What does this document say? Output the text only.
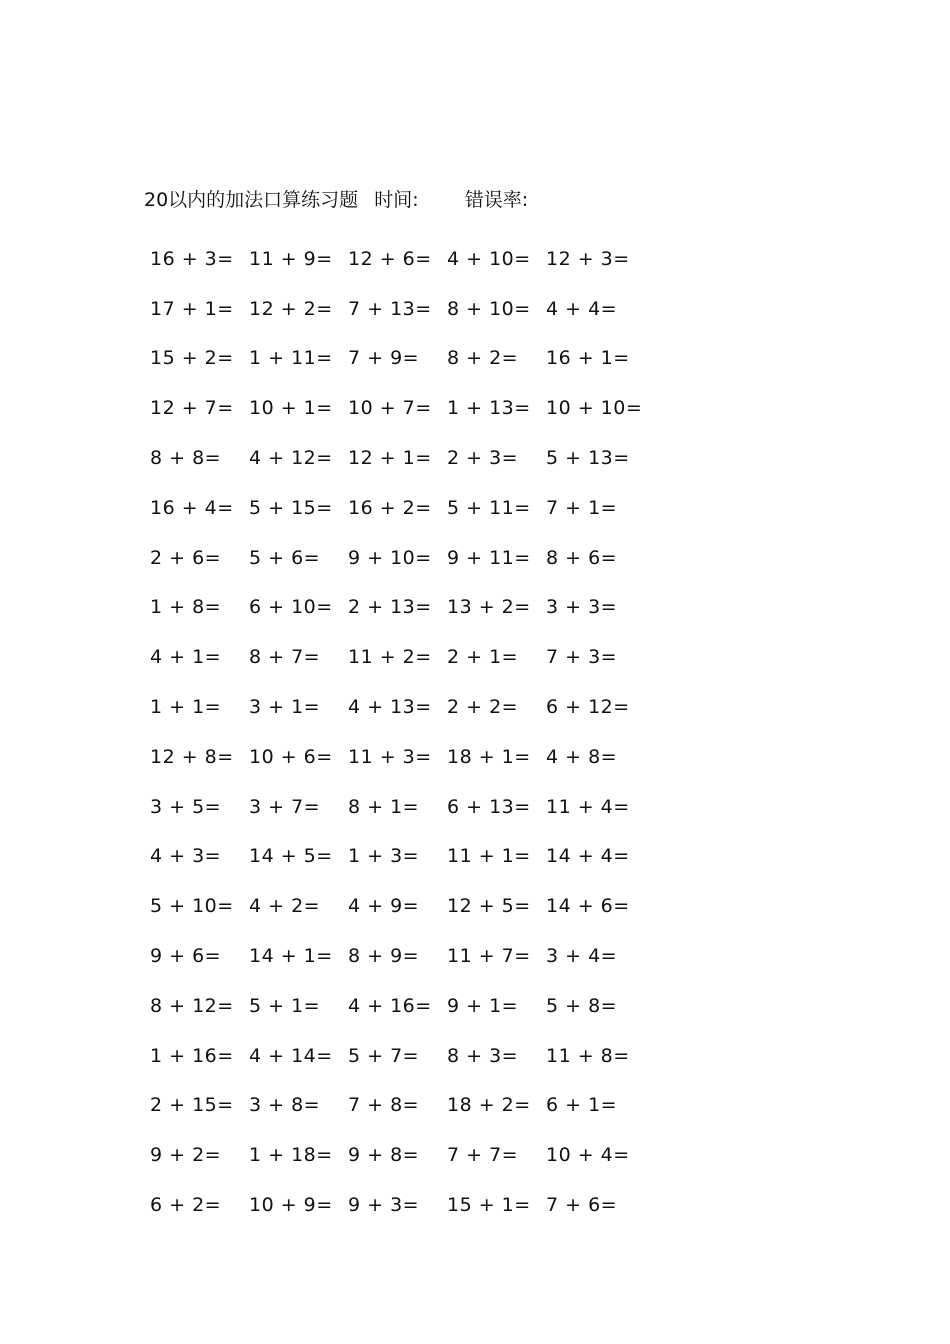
20以内的加法口算练习题 时间: 错误率:
16 + 3= 11 + 9= 12 + 6= 4 + 10= 12 + 3=
17 + 1= 12 + 2= 7 + 13= 8 + 10= 4 + 4=
15 + 2= 1 + 11= 7 + 9=	8 + 2=	16 + 1=
12 + 7= 10 + 1= 10 + 7= 1 + 13= 10 + 10=
8 + 8=	4 + 12= 12 + 1= 2 + 3=	5 + 13=
16 + 4= 5 + 15= 16 + 2= 5 + 11= 7 + 1=
2 + 6=	5 + 6=	9 + 10= 9 + 11= 8 + 6=
1 + 8=	6 + 10= 2 + 13= 13 + 2= 3 + 3=
4 + 1=	8 + 7=	11 + 2= 2 + 1=	7 + 3=
1 + 1=	3 + 1=	4 + 13= 2 + 2=	6 + 12=
12 + 8= 10 + 6= 11 + 3= 18 + 1= 4 + 8=
3 + 5=	3 + 7=	8 + 1=	6 + 13= 11 + 4=
4 + 3=	14 + 5= 1 + 3=	11 + 1= 14 + 4=
5 + 10= 4 + 2=	4 + 9=	12 + 5= 14 + 6=
9 + 6=	14 + 1= 8 + 9=	11 + 7= 3 + 4=
8 + 12= 5 + 1=	4 + 16= 9 + 1=	5 + 8=
1 + 16= 4 + 14= 5 + 7=	8 + 3=	11 + 8=
2 + 15= 3 + 8=	7 + 8=	18 + 2= 6 + 1=
9 + 2=	1 + 18= 9 + 8=	7 + 7=	10 + 4=
6 + 2=	10 + 9= 9 + 3=	15 + 1= 7 + 6=
